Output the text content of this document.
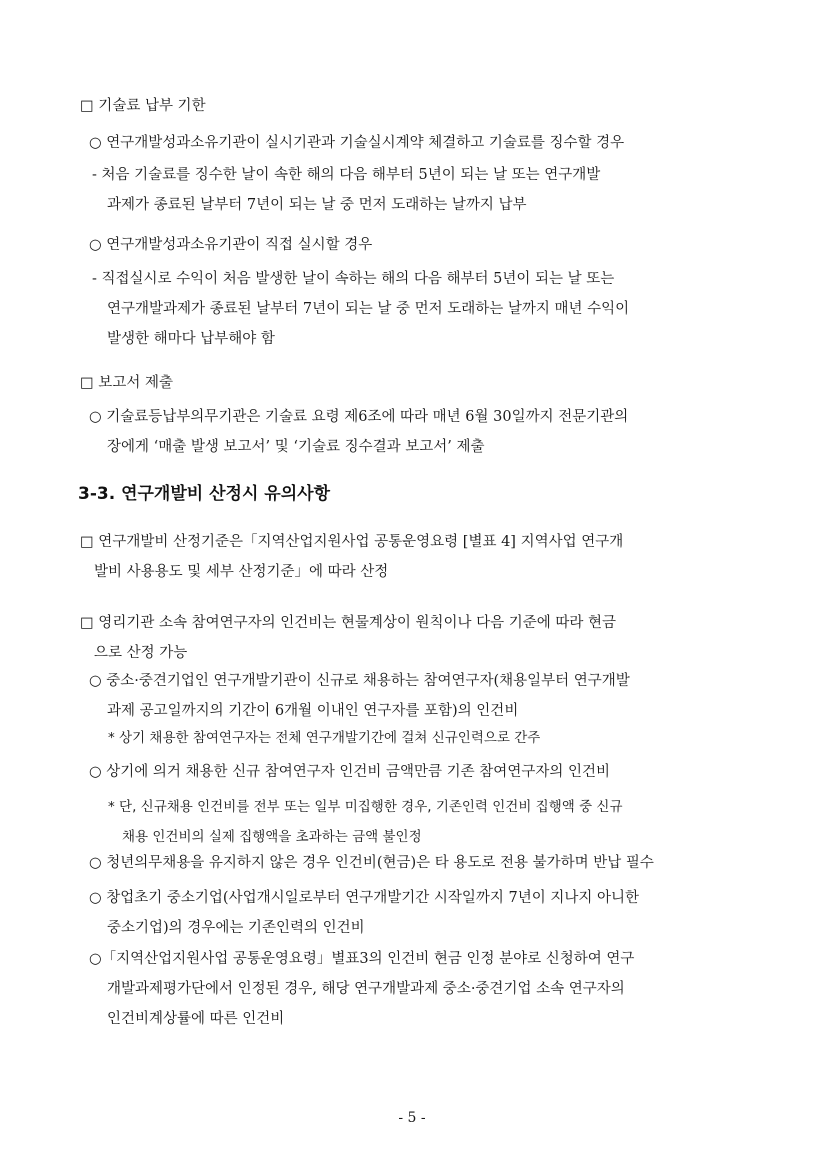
□ 기술료 납부 기한
○ 연구개발성과소유기관이 실시기관과 기술실시계약 체결하고 기술료를 징수할 경우
- 처음 기술료를 징수한 날이 속한 해의 다음 해부터 5년이 되는 날 또는 연구개발
과제가 종료된 날부터 7년이 되는 날 중 먼저 도래하는 날까지 납부
○ 연구개발성과소유기관이 직접 실시할 경우
- 직접실시로 수익이 처음 발생한 날이 속하는 해의 다음 해부터 5년이 되는 날 또는
연구개발과제가 종료된 날부터 7년이 되는 날 중 먼저 도래하는 날까지 매년 수익이
발생한 해마다 납부해야 함
□ 보고서 제출
○ 기술료등납부의무기관은 기술료 요령 제6조에 따라 매년 6월 30일까지 전문기관의
장에게 ‘매출 발생 보고서’ 및 ‘기술료 징수결과 보고서’ 제출
3-3. 연구개발비 산정시 유의사항
□ 연구개발비 산정기준은「지역산업지원사업 공통운영요령 [별표 4] 지역사업 연구개
발비 사용용도 및 세부 산정기준」에 따라 산정
□ 영리기관 소속 참여연구자의 인건비는 현물계상이 원칙이나 다음 기준에 따라 현금
으로 산정 가능
○ 중소·중견기업인 연구개발기관이 신규로 채용하는 참여연구자(채용일부터 연구개발
과제 공고일까지의 기간이 6개월 이내인 연구자를 포함)의 인건비
* 상기 채용한 참여연구자는 전체 연구개발기간에 걸쳐 신규인력으로 간주
○ 상기에 의거 채용한 신규 참여연구자 인건비 금액만큼 기존 참여연구자의 인건비
* 단, 신규채용 인건비를 전부 또는 일부 미집행한 경우, 기존인력 인건비 집행액 중 신규
채용 인건비의 실제 집행액을 초과하는 금액 불인정
○ 청년의무채용을 유지하지 않은 경우 인건비(현금)은 타 용도로 전용 불가하며 반납 필수
○ 창업초기 중소기업(사업개시일로부터 연구개발기간 시작일까지 7년이 지나지 아니한
중소기업)의 경우에는 기존인력의 인건비
○「지역산업지원사업 공통운영요령」별표3의 인건비 현금 인정 분야로 신청하여 연구
개발과제평가단에서 인정된 경우, 해당 연구개발과제 중소·중견기업 소속 연구자의
인건비계상률에 따른 인건비
- 5 -
